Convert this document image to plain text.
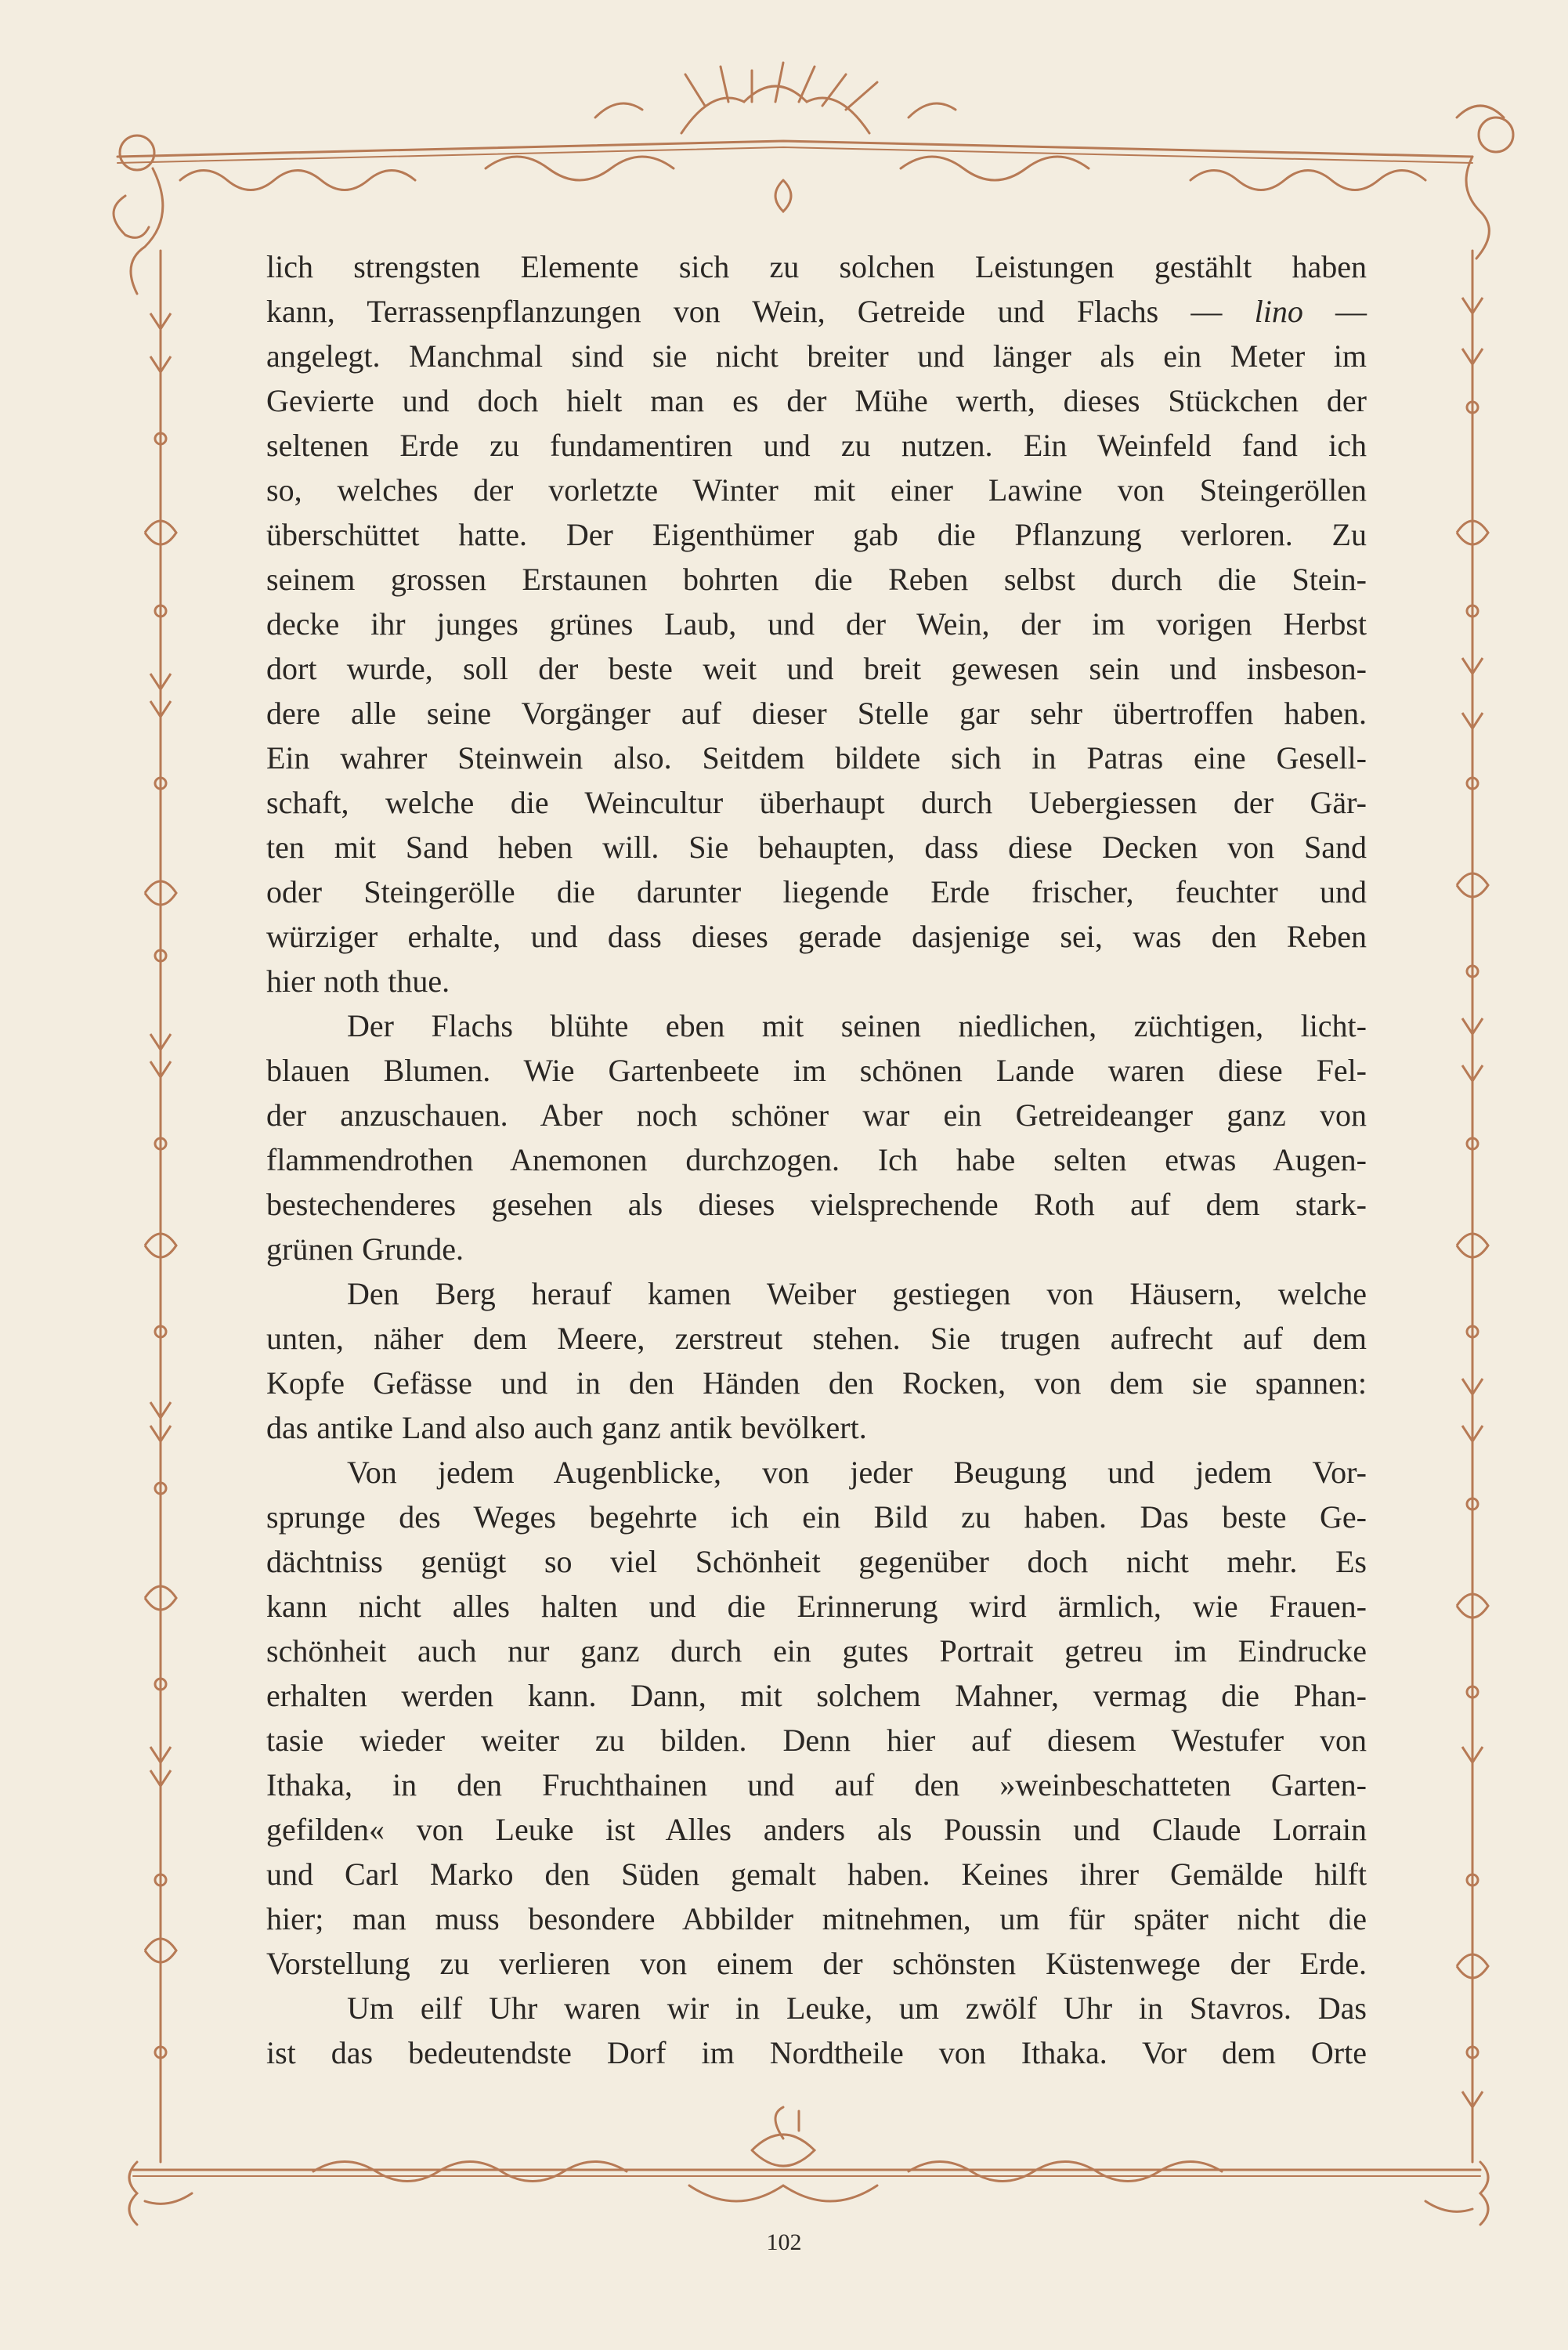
lich strengsten Elemente sich zu solchen Leistungen gestählt haben
kann, Terrassenpflanzungen von Wein, Getreide und Flachs — lino —
angelegt. Manchmal sind sie nicht breiter und länger als ein Meter im
Gevierte und doch hielt man es der Mühe werth, dieses Stückchen der
seltenen Erde zu fundamentiren und zu nutzen. Ein Weinfeld fand ich
so, welches der vorletzte Winter mit einer Lawine von Steingeröllen
überschüttet hatte. Der Eigenthümer gab die Pflanzung verloren. Zu
seinem grossen Erstaunen bohrten die Reben selbst durch die Stein-
decke ihr junges grünes Laub, und der Wein, der im vorigen Herbst
dort wurde, soll der beste weit und breit gewesen sein und insbeson-
dere alle seine Vorgänger auf dieser Stelle gar sehr übertroffen haben.
Ein wahrer Steinwein also. Seitdem bildete sich in Patras eine Gesell-
schaft, welche die Weincultur überhaupt durch Uebergiessen der Gär-
ten mit Sand heben will. Sie behaupten, dass diese Decken von Sand
oder Steingerölle die darunter liegende Erde frischer, feuchter und
würziger erhalte, und dass dieses gerade dasjenige sei, was den Reben
hier noth thue.
Der Flachs blühte eben mit seinen niedlichen, züchtigen, licht-
blauen Blumen. Wie Gartenbeete im schönen Lande waren diese Fel-
der anzuschauen. Aber noch schöner war ein Getreideanger ganz von
flammendrothen Anemonen durchzogen. Ich habe selten etwas Augen-
bestechenderes gesehen als dieses vielsprechende Roth auf dem stark-
grünen Grunde.
Den Berg herauf kamen Weiber gestiegen von Häusern, welche
unten, näher dem Meere, zerstreut stehen. Sie trugen aufrecht auf dem
Kopfe Gefässe und in den Händen den Rocken, von dem sie spannen:
das antike Land also auch ganz antik bevölkert.
Von jedem Augenblicke, von jeder Beugung und jedem Vor-
sprunge des Weges begehrte ich ein Bild zu haben. Das beste Ge-
dächtniss genügt so viel Schönheit gegenüber doch nicht mehr. Es
kann nicht alles halten und die Erinnerung wird ärmlich, wie Frauen-
schönheit auch nur ganz durch ein gutes Portrait getreu im Eindrucke
erhalten werden kann. Dann, mit solchem Mahner, vermag die Phan-
tasie wieder weiter zu bilden. Denn hier auf diesem Westufer von
Ithaka, in den Fruchthainen und auf den »weinbeschatteten Garten-
gefilden« von Leuke ist Alles anders als Poussin und Claude Lorrain
und Carl Marko den Süden gemalt haben. Keines ihrer Gemälde hilft
hier; man muss besondere Abbilder mitnehmen, um für später nicht die
Vorstellung zu verlieren von einem der schönsten Küstenwege der Erde.
Um eilf Uhr waren wir in Leuke, um zwölf Uhr in Stavros. Das
ist das bedeutendste Dorf im Nordtheile von Ithaka. Vor dem Orte
102
